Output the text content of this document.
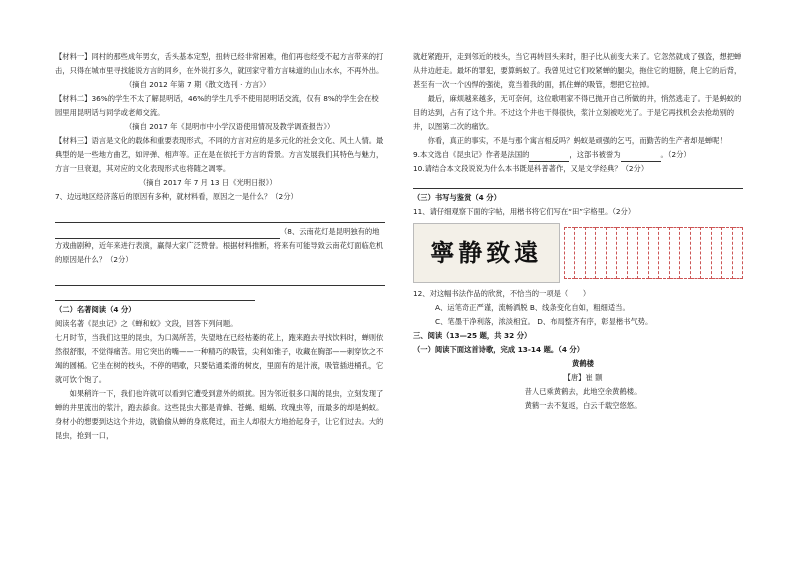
【材料一】同村的那些成年男女，舌头基本定型，扭转已经非常困难，他们再也经受不起方言带来的打击，只得在城市里寻找能说方言的同乡，在外说打多久，就回家守着方言味道的山山水水，不再外出。

（摘自 2012 年第 7 期《散文选刊 · 方言》）

【材料二】36%的学生不太了解昆明话，46%的学生几乎不使用昆明话交流，仅有 8%的学生会在校园里用昆明话与同学或老师交流。

（摘自 2017 年《昆明市中小学汉语使用情况及教学调查报告》）

【材料三】语言是文化的载体和重要表现形式，不同的方言对应的是多元化的社会文化、风土人情。最典型的是一些地方曲艺，如评弹、相声等。正在是在依托于方言的背景。方言发展我们其特色与魅力，方言一旦衰退，其对应的文化表现形式也将随之凋零。

（摘自 2017 年 7 月 13 日《光明日报》）

7、边远地区经济落后的原因有多种，就材料看，原因之一是什么？（2分）

（8、云南花灯是昆明独有的地方戏曲剧种，近年来进行表演，赢得大家广泛赞誉。根据材料推断，将来有可能导致云南花灯面临危机的原因是什么？（2分）

（二）名著阅读（4 分）

阅读名著《昆虫记》之《蝉和蚁》文段，回答下列问题。

七月时节，当我们这里的昆虫，为口渴所苦，失望地在已经枯萎的花上，跑来跑去寻找饮料时，蝉则依然很舒服，不觉得痛苦。用它突出的嘴——一种精巧的吸管，尖利如锥子，收藏在胸部——刺穿饮之不竭的圆桶。它坐在树的枝头，不停的唱歌，只要钻通柔滑的树皮，里面有的是汁液，吸管插进桶孔，它就可饮个饱了。

如果稍许一下，我们也许就可以看到它遭受到意外的烦扰。因为邻近很多口渴的昆虫，立刻发现了蝉的井里流出的浆汁，跑去舔食。这些昆虫大都是青蜂、苍蝇、蛆蜗、玫瑰虫等，而最多的却是蚂蚁。身材小的想要到达这个井边，就偷偷从蝉的身底爬过，而主人却很大方地抬起身子，让它们过去。大的昆虫，抢到一口，

就赶紧跑开，走到邻近的枝头，当它再转回头来时，胆子比从前变大来了。它忽然就成了强盗，想把蝉从井边赶走。最坏的罪犯，要算蚂蚁了。我曾见过它们咬紧蝉的腿尖，拖住它的翅膀，爬上它的后背，甚至有一次一个凶悍的强徒，竟当着我的面，抓住蝉的吸管，想把它拉掉。

最后，麻烦越来越多，无可奈何，这位歌唱家不得已抛开自己所做的井，悄然逃走了。于是蚂蚁的目的达到，占有了这个井。不过这个井也干得很快，浆汁立刻被吃光了。于是它再找机会去抢劫别的井，以图第二次的痛饮。

你看，真正的事实，不是与那个寓言相反吗？蚂蚁是顽强的乞丐，而勤苦的生产者却是蝉呢！

9.本文选自《昆虫记》作者是法国的	，这部书被誉为	。（2分）

10.请结合本文段说说为什么本书既是科普著作，又是文学经典？（2分）

（三）书写与鉴赏（4 分）

11、请仔细观察下面的字帖，用楷书将它们写在“田”字格里。（2分）

寧静致遠

12、对这幅书法作品的欣赏，不恰当的一项是（　　）

A、运笔奇正严谨，流畅洒脱 B、线条变化自如，粗细适当。

C、笔墨干净利落，浓淡相宜。 D、布局整齐有序，彰显楷书气势。

三、阅读（13—25 题，共 32 分）

（一）阅读下面这首诗歌，完成 13-14 题。（4 分）

黄鹤楼

【唐】崔 颢

昔人已乘黄鹤去，此地空余黄鹤楼。

黄鹤一去不复返，白云千载空悠悠。
